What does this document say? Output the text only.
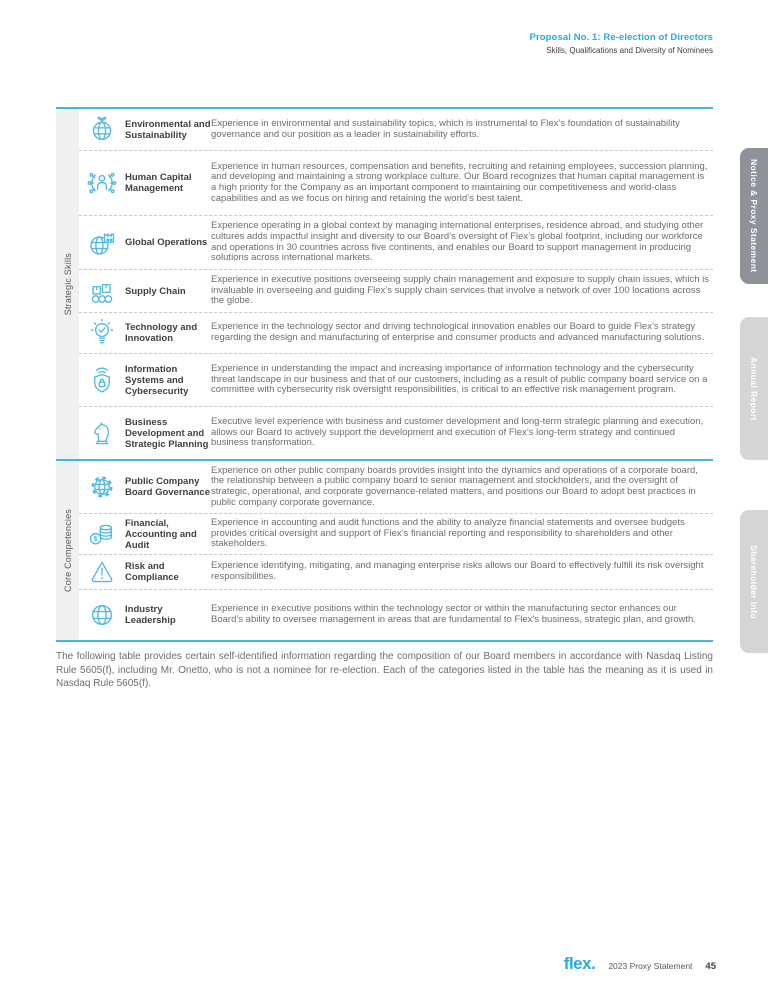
Proposal No. 1: Re-election of Directors
Skills, Qualifications and Diversity of Nominees
Notice & Proxy Statement
Annual Report
Shareholder Info
Strategic Skills
Environmental and Sustainability
Experience in environmental and sustainability topics, which is instrumental to Flex’s foundation of sustainability governance and our position as a leader in sustainability efforts.
Human Capital Management
Experience in human resources, compensation and benefits, recruiting and retaining employees, succession planning, and developing and maintaining a strong workplace culture. Our Board recognizes that human capital management is a high priority for the Company as an important component to maintaining our competitiveness and world-class capabilities and as we focus on hiring and retaining the world’s best talent.
Global Operations
Experience operating in a global context by managing international enterprises, residence abroad, and studying other cultures adds impactful insight and diversity to our Board’s oversight of Flex’s global footprint, including our workforce and operations in 30 countries across five continents, and enables our Board to support management in producing solutions across international markets.
Supply Chain
Experience in executive positions overseeing supply chain management and exposure to supply chain issues, which is invaluable in overseeing and guiding Flex’s supply chain services that involve a network of over 100 locations across the globe.
Technology and Innovation
Experience in the technology sector and driving technological innovation enables our Board to guide Flex’s strategy regarding the design and manufacturing of enterprise and consumer products and advanced manufacturing solutions.
Information Systems and Cybersecurity
Experience in understanding the impact and increasing importance of information technology and the cybersecurity threat landscape in our business and that of our customers, including as a result of public company board service on a committee with cybersecurity risk oversight responsibilities, is critical to an effective risk management program.
Business Development and Strategic Planning
Executive level experience with business and customer development and long-term strategic planning and execution, allows our Board to actively support the development and execution of Flex’s long-term strategy and continued business transformation.
Core Competencies
Public Company Board Governance
Experience on other public company boards provides insight into the dynamics and operations of a corporate board, the relationship between a public company board to senior management and stockholders, and the oversight of strategic, operational, and corporate governance-related matters, and positions our Board to adopt best practices in public company corporate governance.
$
Financial, Accounting and Audit
Experience in accounting and audit functions and the ability to analyze financial statements and oversee budgets provides critical oversight and support of Flex’s financial reporting and responsibility to shareholders and other stakeholders.
Risk and Compliance
Experience identifying, mitigating, and managing enterprise risks allows our Board to effectively fulfill its risk oversight responsibilities.
Industry Leadership
Experience in executive positions within the technology sector or within the manufacturing sector enhances our Board’s ability to oversee management in areas that are fundamental to Flex’s business, strategic plan, and growth.
The following table provides certain self-identified information regarding the composition of our Board members in accordance with Nasdaq Listing Rule 5605(f), including Mr. Onetto, who is not a nominee for re-election. Each of the categories listed in the table has the meaning as it is used in Nasdaq Rule 5605(f).
flex. 2023 Proxy Statement 45
